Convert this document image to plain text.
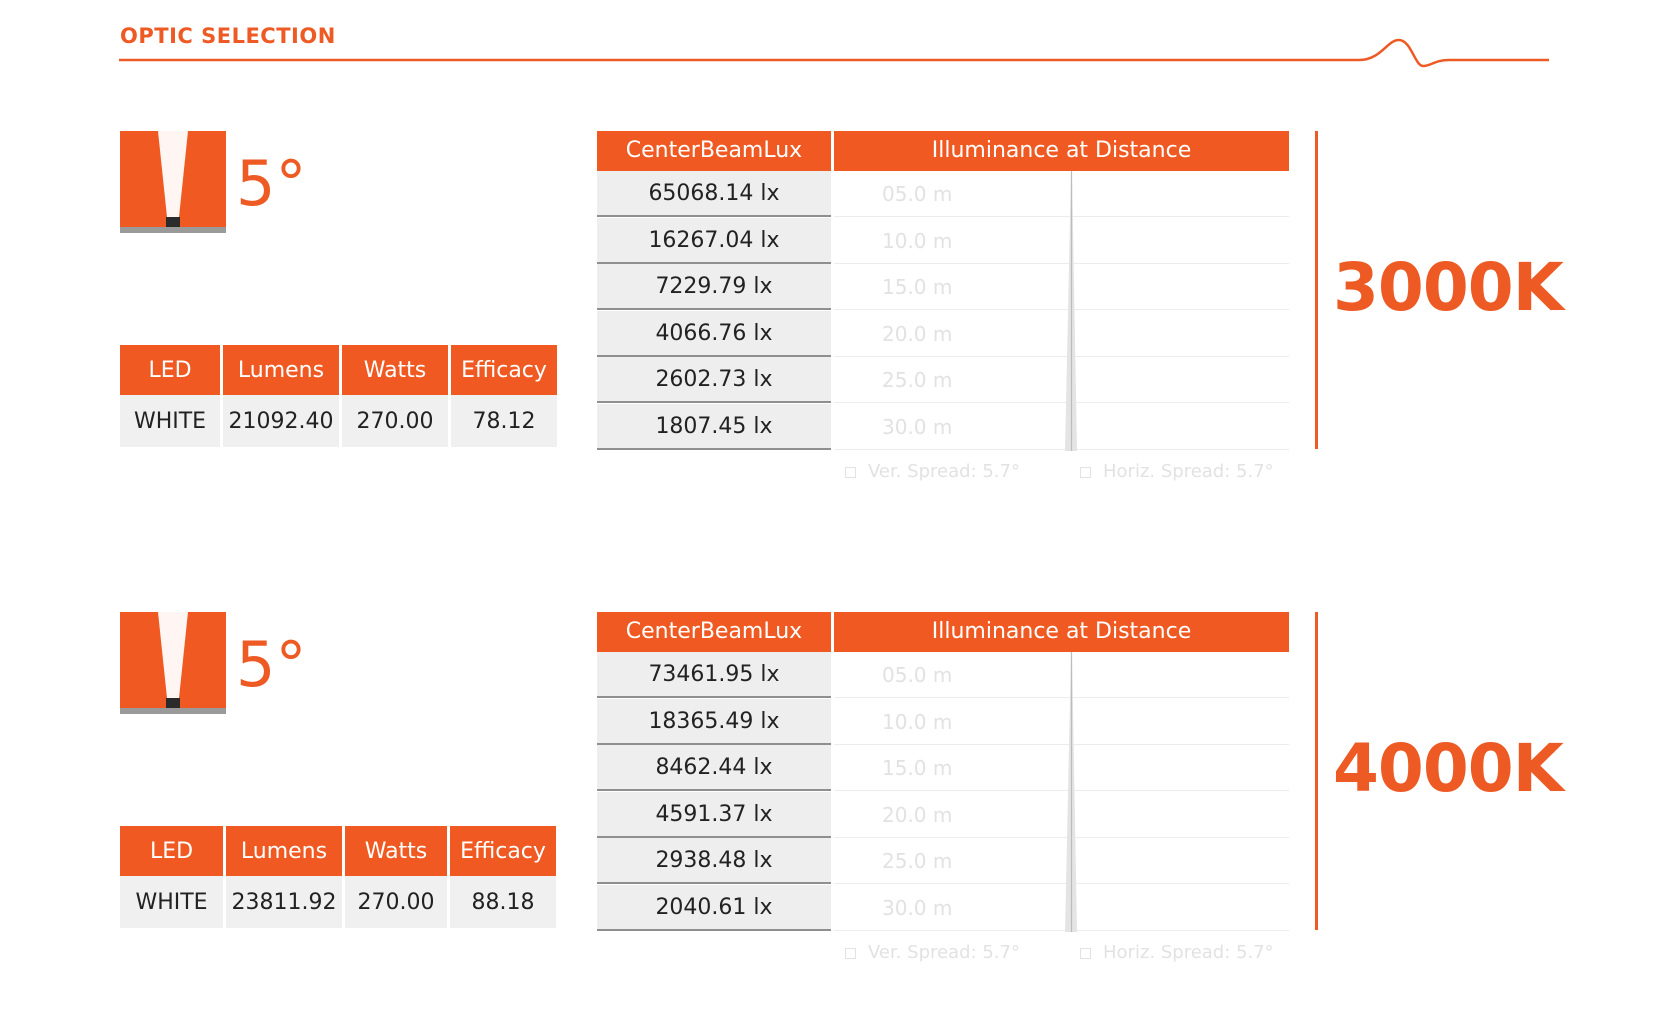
OPTIC SELECTION
5°
LED	Lumens	Watts	Efficacy
WHITE	21092.40	270.00	78.12
CenterBeamLux	Illuminance at Distance
65068.14 lx	05.0 m
16267.04 lx	10.0 m
7229.79 lx	15.0 m
4066.76 lx	20.0 m
2602.73 lx	25.0 m
1807.45 lx	30.0 m
Ver. Spread: 5.7°	Horiz. Spread: 5.7°
3000K
5°
LED	Lumens	Watts	Efficacy
WHITE	23811.92	270.00	88.18
CenterBeamLux	Illuminance at Distance
73461.95 lx	05.0 m
18365.49 lx	10.0 m
8462.44 lx	15.0 m
4591.37 lx	20.0 m
2938.48 lx	25.0 m
2040.61 lx	30.0 m
Ver. Spread: 5.7°	Horiz. Spread: 5.7°
4000K
